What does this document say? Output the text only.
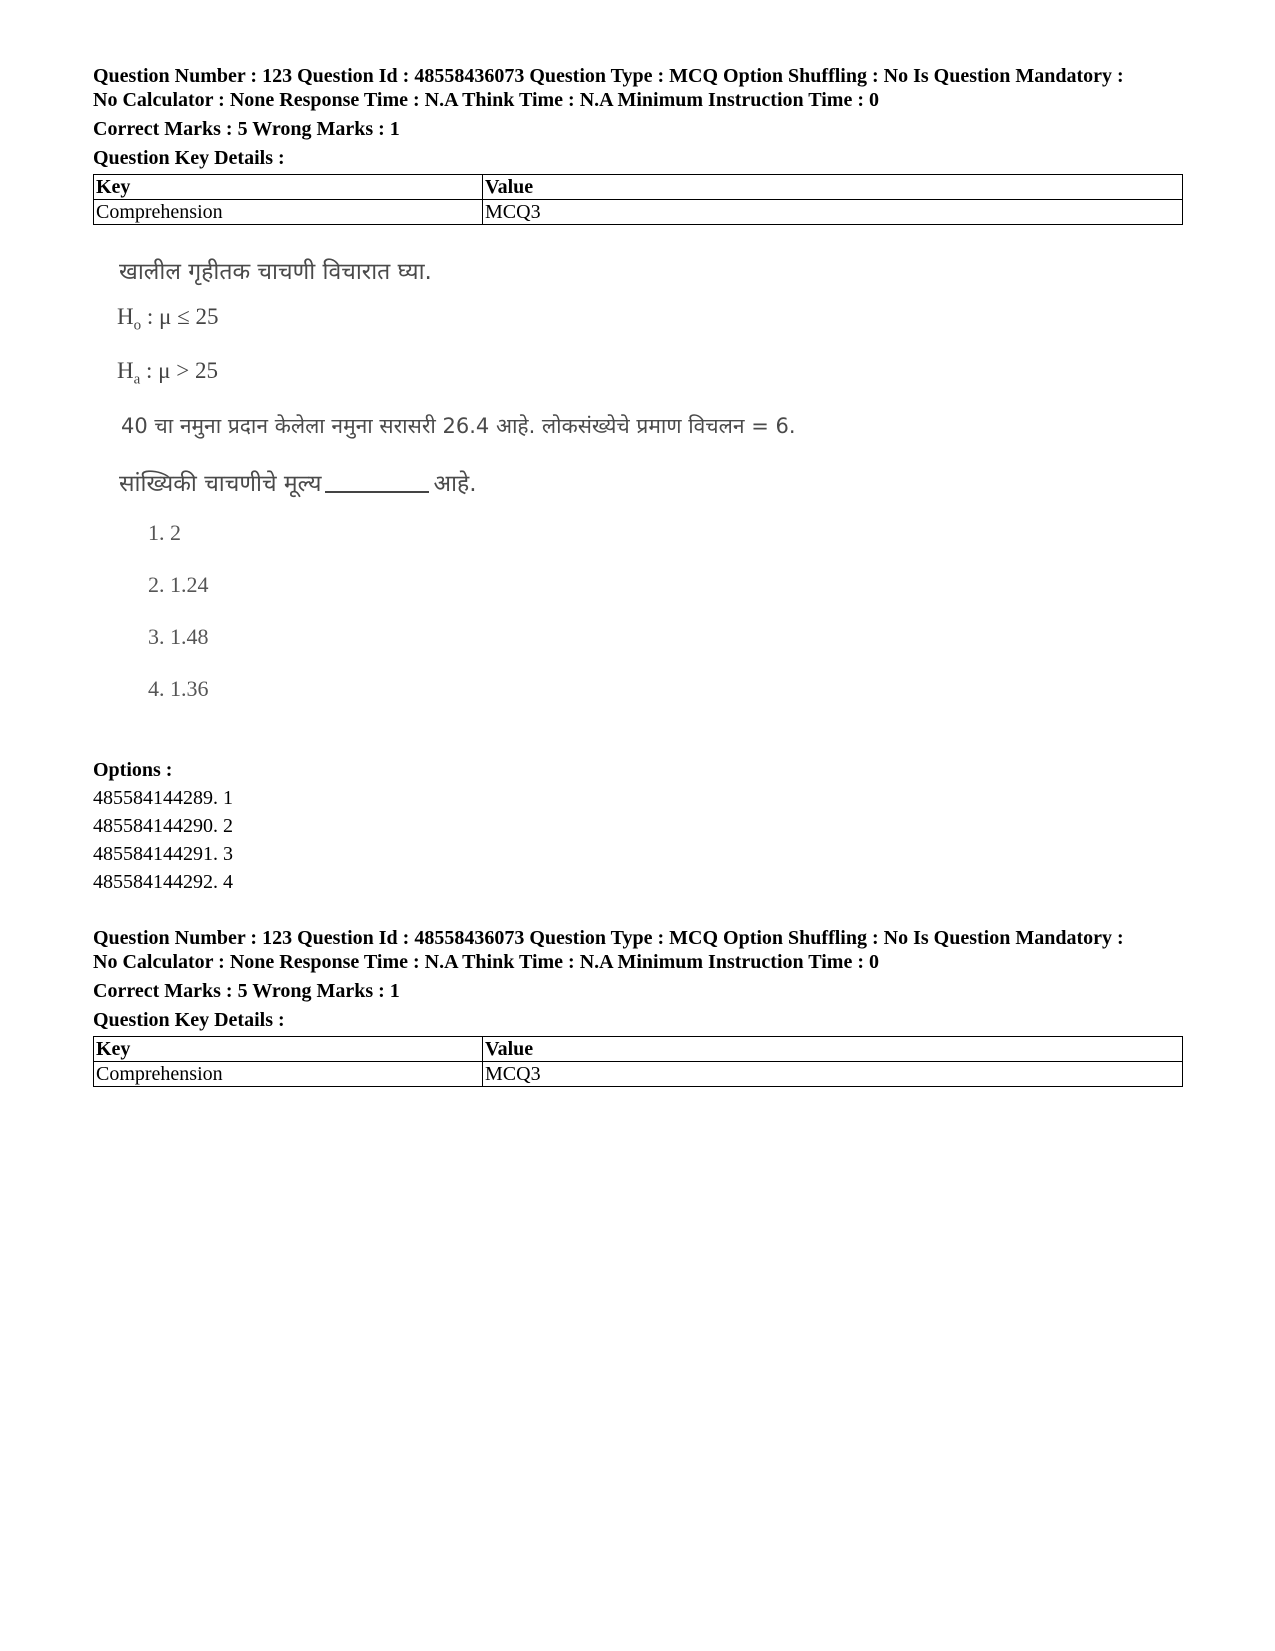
Question Number : 123 Question Id : 48558436073 Question Type : MCQ Option Shuffling : No Is Question Mandatory :

No Calculator : None Response Time : N.A Think Time : N.A Minimum Instruction Time : 0

Correct Marks : 5 Wrong Marks : 1
Question Key Details :
Key	Value
Comprehension	MCQ3
खालील गृहीतक चाचणी विचारात घ्या.
$H_o$ : μ ≤ 25
$H_a$ : μ > 25
40 चा नमुना प्रदान केलेला नमुना सरासरी 26.4 आहे. लोकसंख्येचे प्रमाण विचलन = 6.
सांख्यिकी चाचणीचे मूल्य	आहे.
1. 2
2. 1.24
3. 1.48
4. 1.36
Options :
485584144289. 1
485584144290. 2
485584144291. 3
485584144292. 4

Question Number : 123 Question Id : 48558436073 Question Type : MCQ Option Shuffling : No Is Question Mandatory :

No Calculator : None Response Time : N.A Think Time : N.A Minimum Instruction Time : 0

Correct Marks : 5 Wrong Marks : 1
Question Key Details :
Key	Value
Comprehension	MCQ3
